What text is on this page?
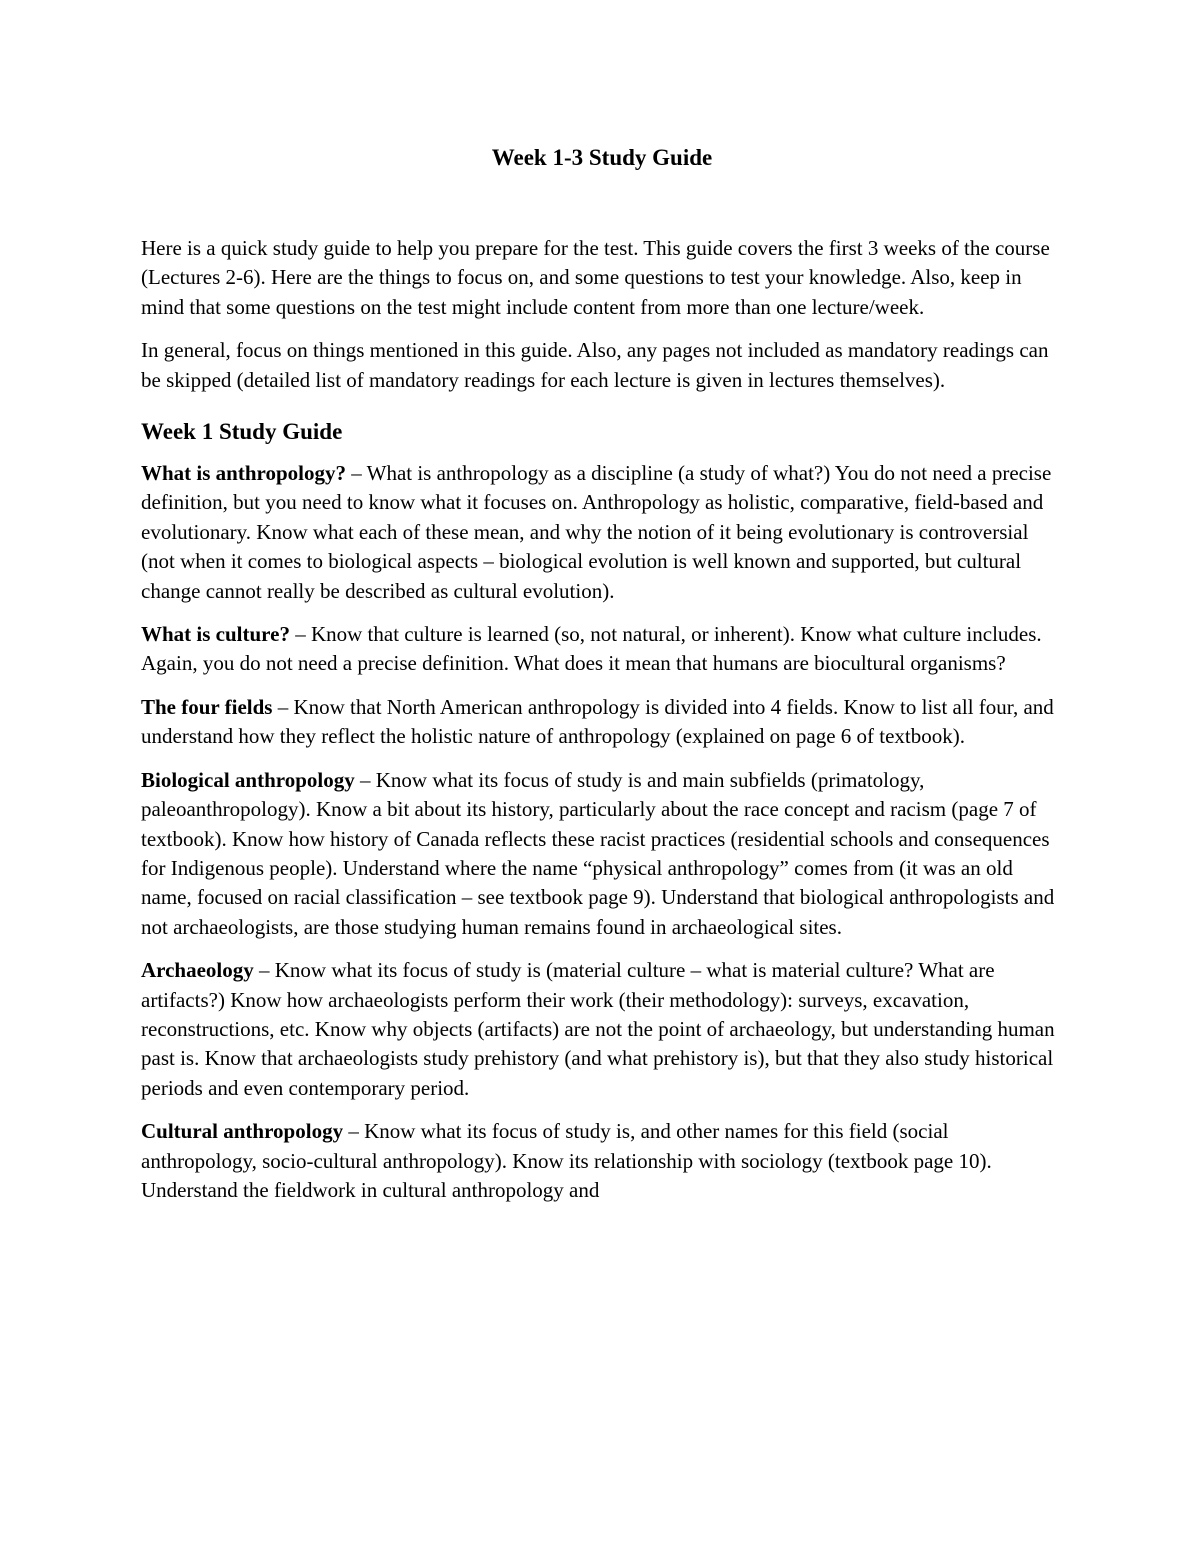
Week 1-3 Study Guide

Here is a quick study guide to help you prepare for the test. This guide covers the first 3 weeks of the course (Lectures 2-6). Here are the things to focus on, and some questions to test your knowledge. Also, keep in mind that some questions on the test might include content from more than one lecture/week.

In general, focus on things mentioned in this guide. Also, any pages not included as mandatory readings can be skipped (detailed list of mandatory readings for each lecture is given in lectures themselves).

Week 1 Study Guide

What is anthropology? – What is anthropology as a discipline (a study of what?) You do not need a precise definition, but you need to know what it focuses on. Anthropology as holistic, comparative, field-based and evolutionary. Know what each of these mean, and why the notion of it being evolutionary is controversial (not when it comes to biological aspects – biological evolution is well known and supported, but cultural change cannot really be described as cultural evolution).

What is culture? – Know that culture is learned (so, not natural, or inherent). Know what culture includes. Again, you do not need a precise definition. What does it mean that humans are biocultural organisms?

The four fields – Know that North American anthropology is divided into 4 fields. Know to list all four, and understand how they reflect the holistic nature of anthropology (explained on page 6 of textbook).

Biological anthropology – Know what its focus of study is and main subfields (primatology, paleoanthropology). Know a bit about its history, particularly about the race concept and racism (page 7 of textbook). Know how history of Canada reflects these racist practices (residential schools and consequences for Indigenous people). Understand where the name “physical anthropology” comes from (it was an old name, focused on racial classification – see textbook page 9). Understand that biological anthropologists and not archaeologists, are those studying human remains found in archaeological sites.

Archaeology – Know what its focus of study is (material culture – what is material culture? What are artifacts?) Know how archaeologists perform their work (their methodology): surveys, excavation, reconstructions, etc. Know why objects (artifacts) are not the point of archaeology, but understanding human past is. Know that archaeologists study prehistory (and what prehistory is), but that they also study historical periods and even contemporary period.

Cultural anthropology – Know what its focus of study is, and other names for this field (social anthropology, socio-cultural anthropology). Know its relationship with sociology (textbook page 10). Understand the fieldwork in cultural anthropology and
